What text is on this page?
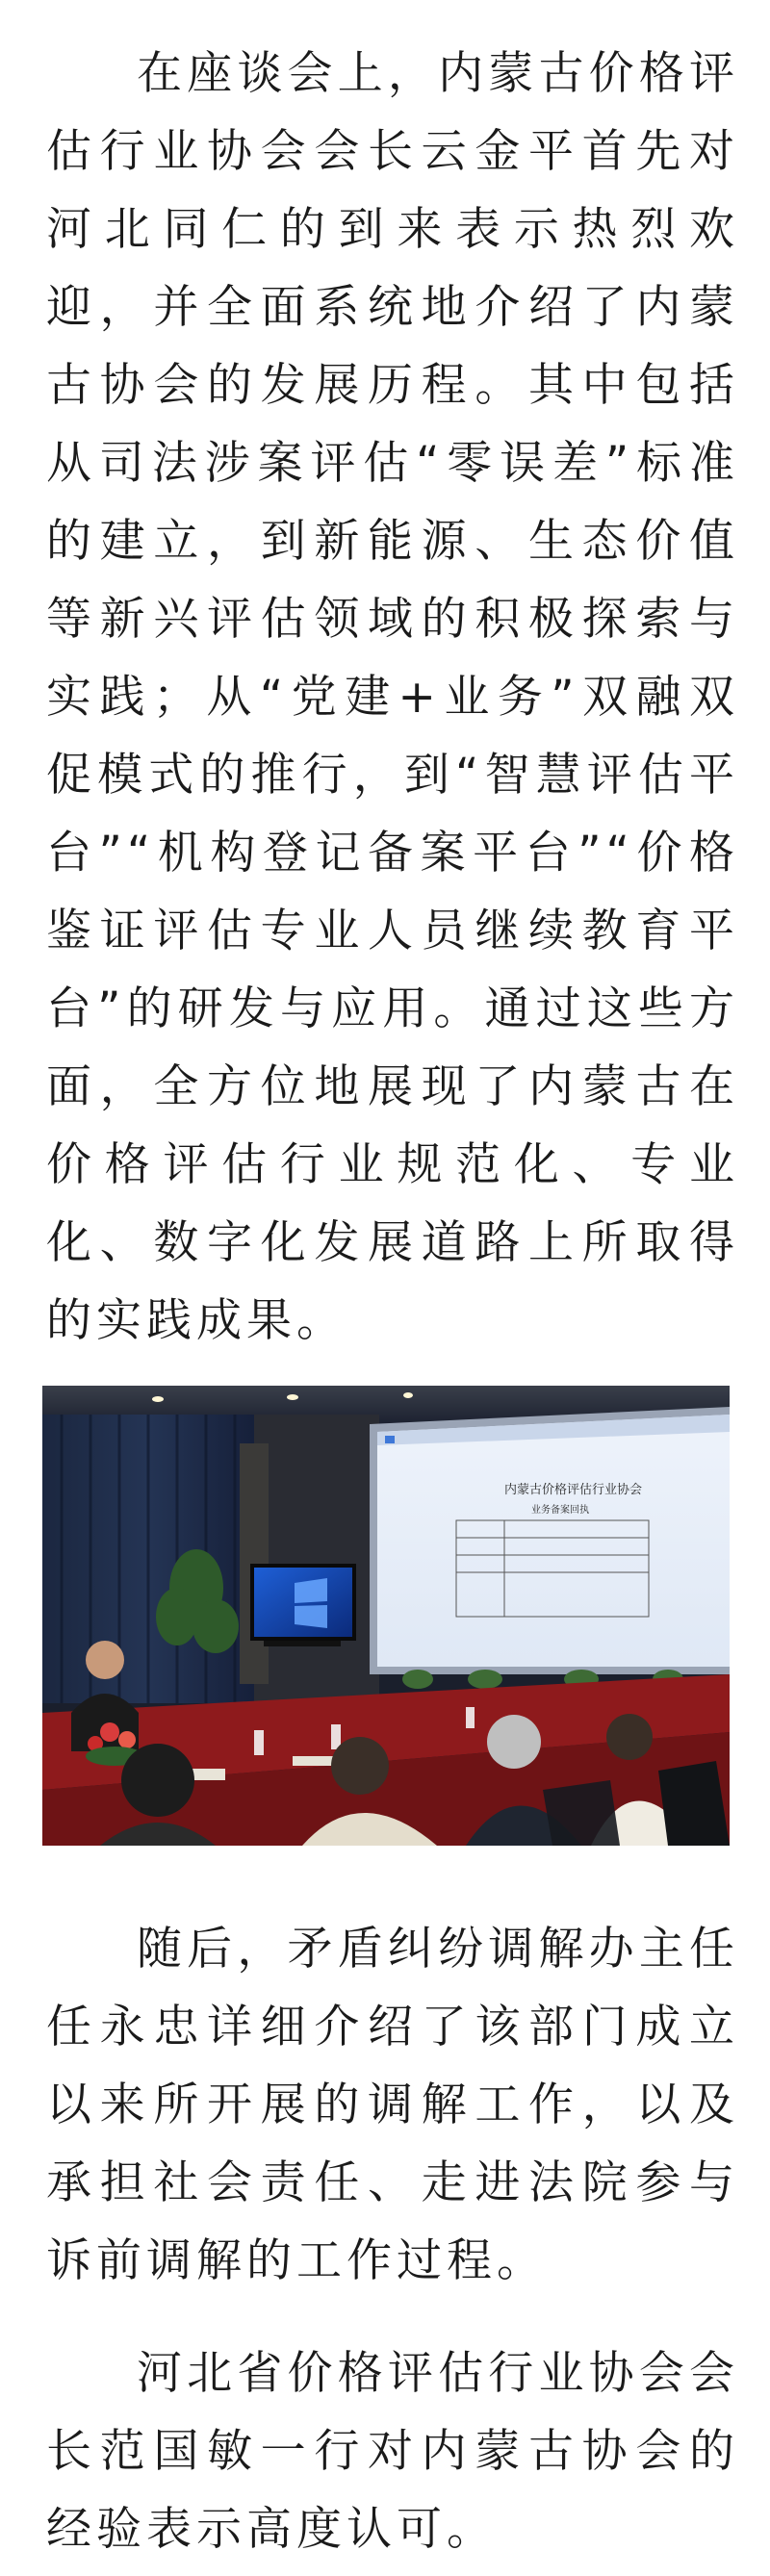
在座谈会上，内蒙古价格评估行业协会会长云金平首先对河北同仁的到来表示热烈欢迎，并全面系统地介绍了内蒙古协会的发展历程。其中包括从司法涉案评估“零误差”标准的建立，到新能源、生态价值等新兴评估领域的积极探索与实践；从“党建+业务”双融双促模式的推行，到“智慧评估平台”“机构登记备案平台”“价格鉴证评估专业人员继续教育平台”的研发与应用。通过这些方面，全方位地展现了内蒙古在价格评估行业规范化、专业化、数字化发展道路上所取得的实践成果。

内蒙古价格评估行业协会
业务备案回执

随后，矛盾纠纷调解办主任任永忠详细介绍了该部门成立以来所开展的调解工作，以及承担社会责任、走进法院参与诉前调解的工作过程。

河北省价格评估行业协会会长范国敏一行对内蒙古协会的经验表示高度认可。
